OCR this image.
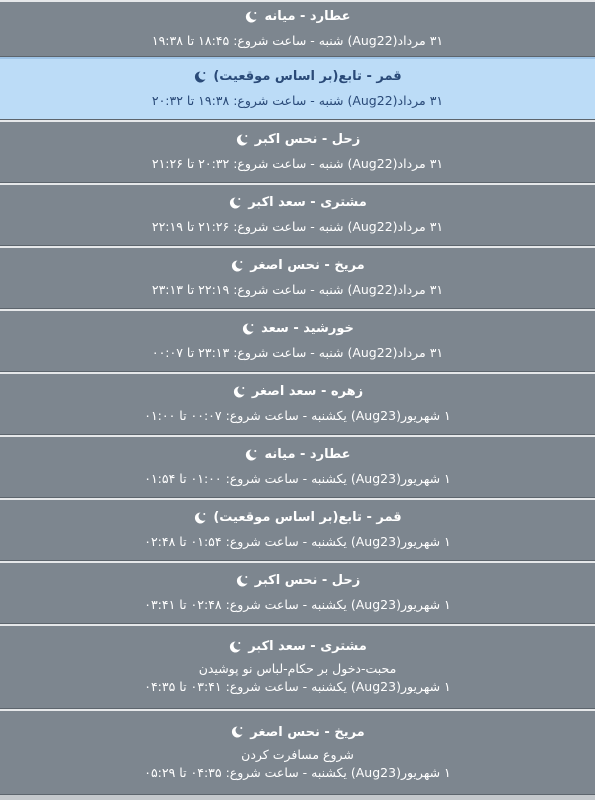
عطارد - میانه
۳۱ مرداد(Aug22) شنبه - ساعت شروع: ۱۸:۴۵ تا ۱۹:۳۸
قمر - تابع(بر اساس موقعیت)
۳۱ مرداد(Aug22) شنبه - ساعت شروع: ۱۹:۳۸ تا ۲۰:۳۲
زحل - نحس اکبر
۳۱ مرداد(Aug22) شنبه - ساعت شروع: ۲۰:۳۲ تا ۲۱:۲۶
مشتری - سعد اکبر
۳۱ مرداد(Aug22) شنبه - ساعت شروع: ۲۱:۲۶ تا ۲۲:۱۹
مریخ - نحس اصغر
۳۱ مرداد(Aug22) شنبه - ساعت شروع: ۲۲:۱۹ تا ۲۳:۱۳
خورشید - سعد
۳۱ مرداد(Aug22) شنبه - ساعت شروع: ۲۳:۱۳ تا ۰۰:۰۷
زهره - سعد اصغر
۱ شهریور(Aug23) یکشنبه - ساعت شروع: ۰۰:۰۷ تا ۰۱:۰۰
عطارد - میانه
۱ شهریور(Aug23) یکشنبه - ساعت شروع: ۰۱:۰۰ تا ۰۱:۵۴
قمر - تابع(بر اساس موقعیت)
۱ شهریور(Aug23) یکشنبه - ساعت شروع: ۰۱:۵۴ تا ۰۲:۴۸
زحل - نحس اکبر
۱ شهریور(Aug23) یکشنبه - ساعت شروع: ۰۲:۴۸ تا ۰۳:۴۱
مشتری - سعد اکبر
محبت-دخول بر حکام-لباس نو پوشیدن
۱ شهریور(Aug23) یکشنبه - ساعت شروع: ۰۳:۴۱ تا ۰۴:۳۵
مریخ - نحس اصغر
شروع مسافرت کردن
۱ شهریور(Aug23) یکشنبه - ساعت شروع: ۰۴:۳۵ تا ۰۵:۲۹
